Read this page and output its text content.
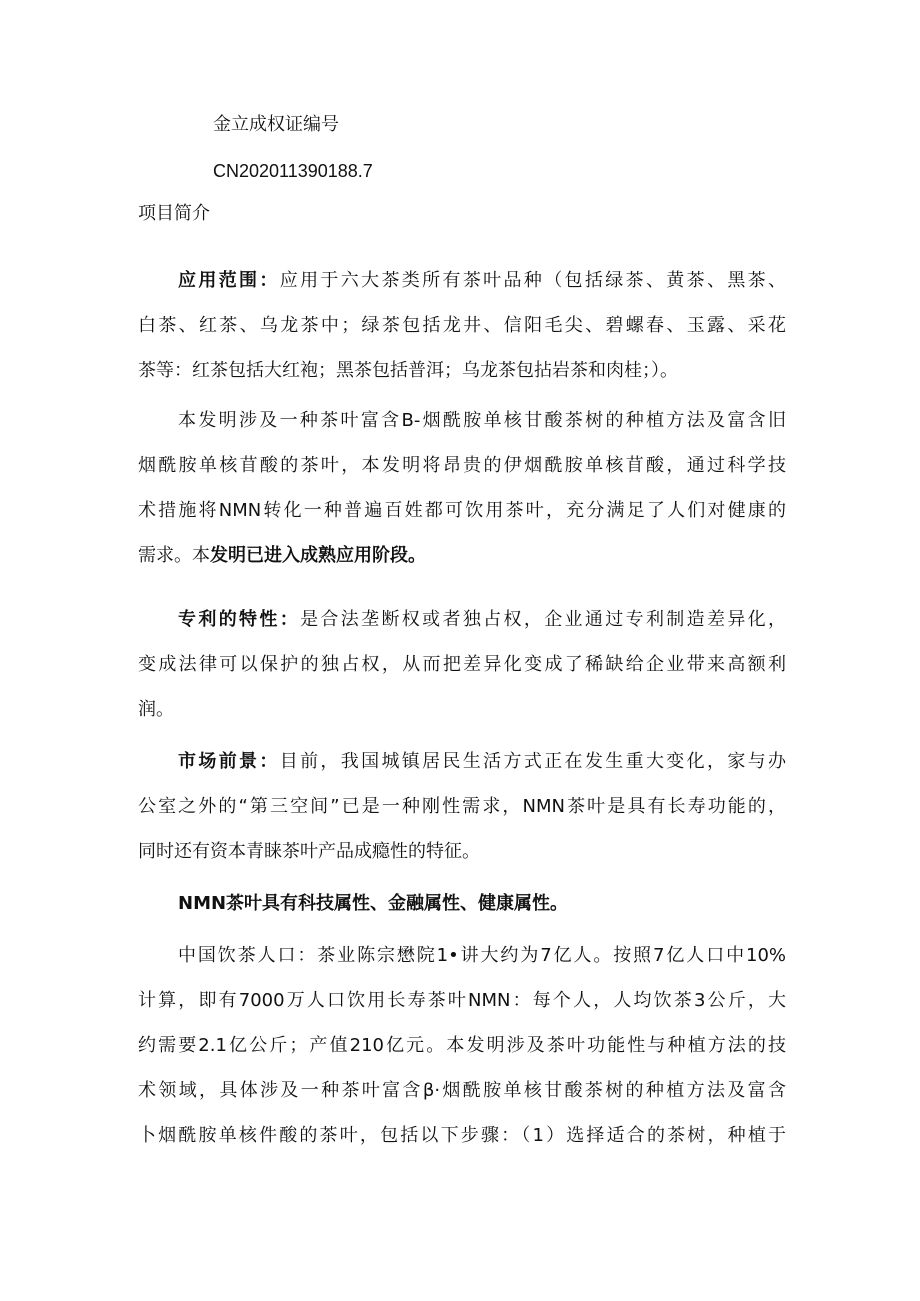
金立成权证编号
CN202011390188.7
项目简介
应用范围：应用于六大茶类所有茶叶品种（包括绿茶、黄茶、黑茶、
白茶、红茶、乌龙茶中；绿茶包括龙井、信阳毛尖、碧螺春、玉露、采花
茶等：红茶包括大红袍；黑茶包括普洱；乌龙茶包拈岩茶和肉桂；）。
本发明涉及一种茶叶富含B-烟酰胺单核甘酸茶树的种植方法及富含旧
烟酰胺单核苜酸的茶叶，本发明将昂贵的伊烟酰胺单核苜酸，通过科学技
术措施将NMN转化一种普遍百姓都可饮用茶叶，充分满足了人们对健康的
需求。本发明已进入成熟应用阶段。
专利的特性：是合法垄断权或者独占权，企业通过专利制造差异化，
变成法律可以保护的独占权，从而把差异化变成了稀缺给企业带来高额利
润。
市场前景：目前，我国城镇居民生活方式正在发生重大变化，家与办
公室之外的“第三空间”已是一种刚性需求，NMN茶叶是具有长寿功能的，
同时还有资本青睐茶叶产品成瘾性的特征。
NMN茶叶具有科技属性、金融属性、健康属性。
中国饮茶人口：茶业陈宗懋院1•讲大约为7亿人。按照7亿人口中10%
计算，即有7000万人口饮用长寿茶叶NMN：每个人，人均饮茶3公斤，大
约需要2.1亿公斤；产值210亿元。本发明涉及茶叶功能性与种植方法的技
术领域，具体涉及一种茶叶富含β·烟酰胺单核甘酸茶树的种植方法及富含
卜烟酰胺单核件酸的茶叶，包括以下步骤：（1）选择适合的茶树，种植于
